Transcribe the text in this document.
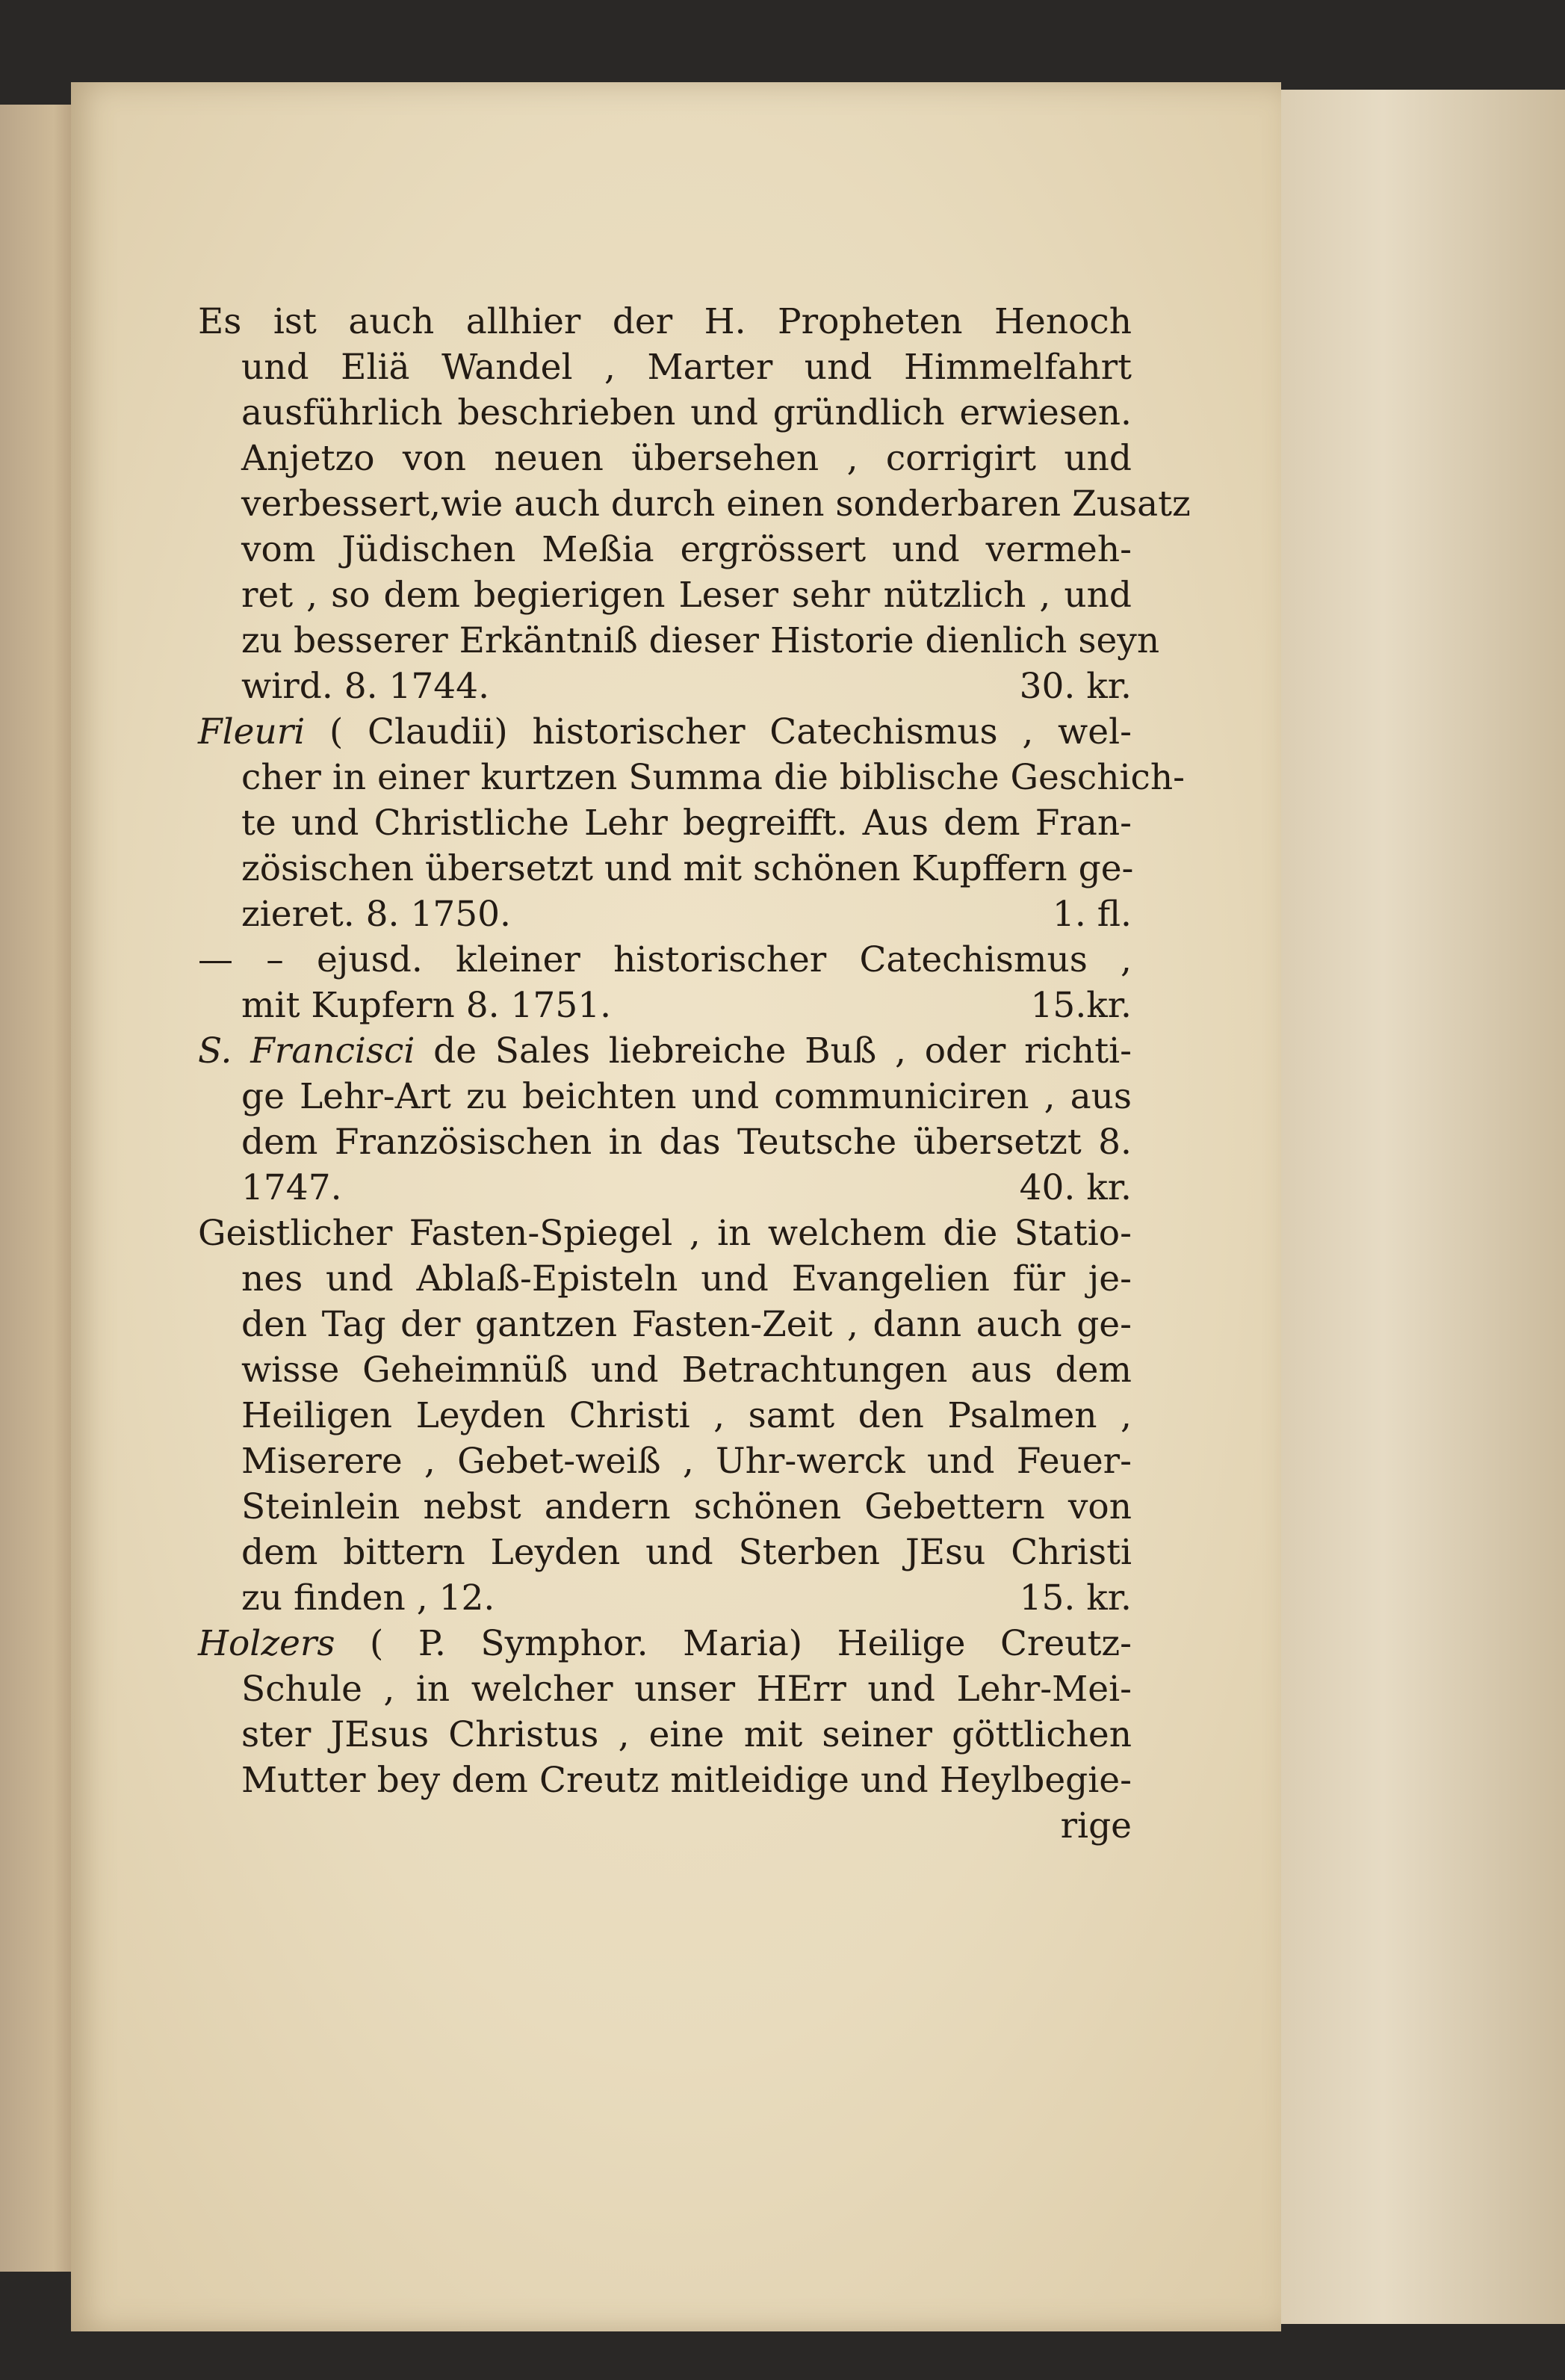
Es ist auch allhier der H. Propheten Henoch
und Eliä Wandel , Marter und Himmelfahrt
ausführlich beschrieben und gründlich erwiesen.
Anjetzo von neuen übersehen , corrigirt und
verbessert,wie auch durch einen sonderbaren Zusatz
vom Jüdischen Meßia ergrössert und vermeh-
ret , so dem begierigen Leser sehr nützlich , und
zu besserer Erkäntniß dieser Historie dienlich seyn
wird. 8. 1744.	30. kr.
Fleuri ( Claudii) historischer Catechismus , wel-
cher in einer kurtzen Summa die biblische Geschich-
te und Christliche Lehr begreifft. Aus dem Fran-
zösischen übersetzt und mit schönen Kupffern ge-
zieret. 8. 1750.	1. fl.
— – ejusd. kleiner historischer Catechismus ,
mit Kupfern 8. 1751.	15.kr.
S. Francisci de Sales liebreiche Buß , oder richti-
ge Lehr-Art zu beichten und communiciren , aus
dem Französischen in das Teutsche übersetzt 8.
1747.	40. kr.
Geistlicher Fasten-Spiegel , in welchem die Statio-
nes und Ablaß-Episteln und Evangelien für je-
den Tag der gantzen Fasten-Zeit , dann auch ge-
wisse Geheimnüß und Betrachtungen aus dem
Heiligen Leyden Christi , samt den Psalmen ,
Miserere , Gebet-weiß , Uhr-werck und Feuer-
Steinlein nebst andern schönen Gebettern von
dem bittern Leyden und Sterben JEsu Christi
zu finden , 12.	15. kr.
Holzers ( P. Symphor. Maria) Heilige Creutz-
Schule , in welcher unser HErr und Lehr-Mei-
ster JEsus Christus , eine mit seiner göttlichen
Mutter bey dem Creutz mitleidige und Heylbegie-
rige
